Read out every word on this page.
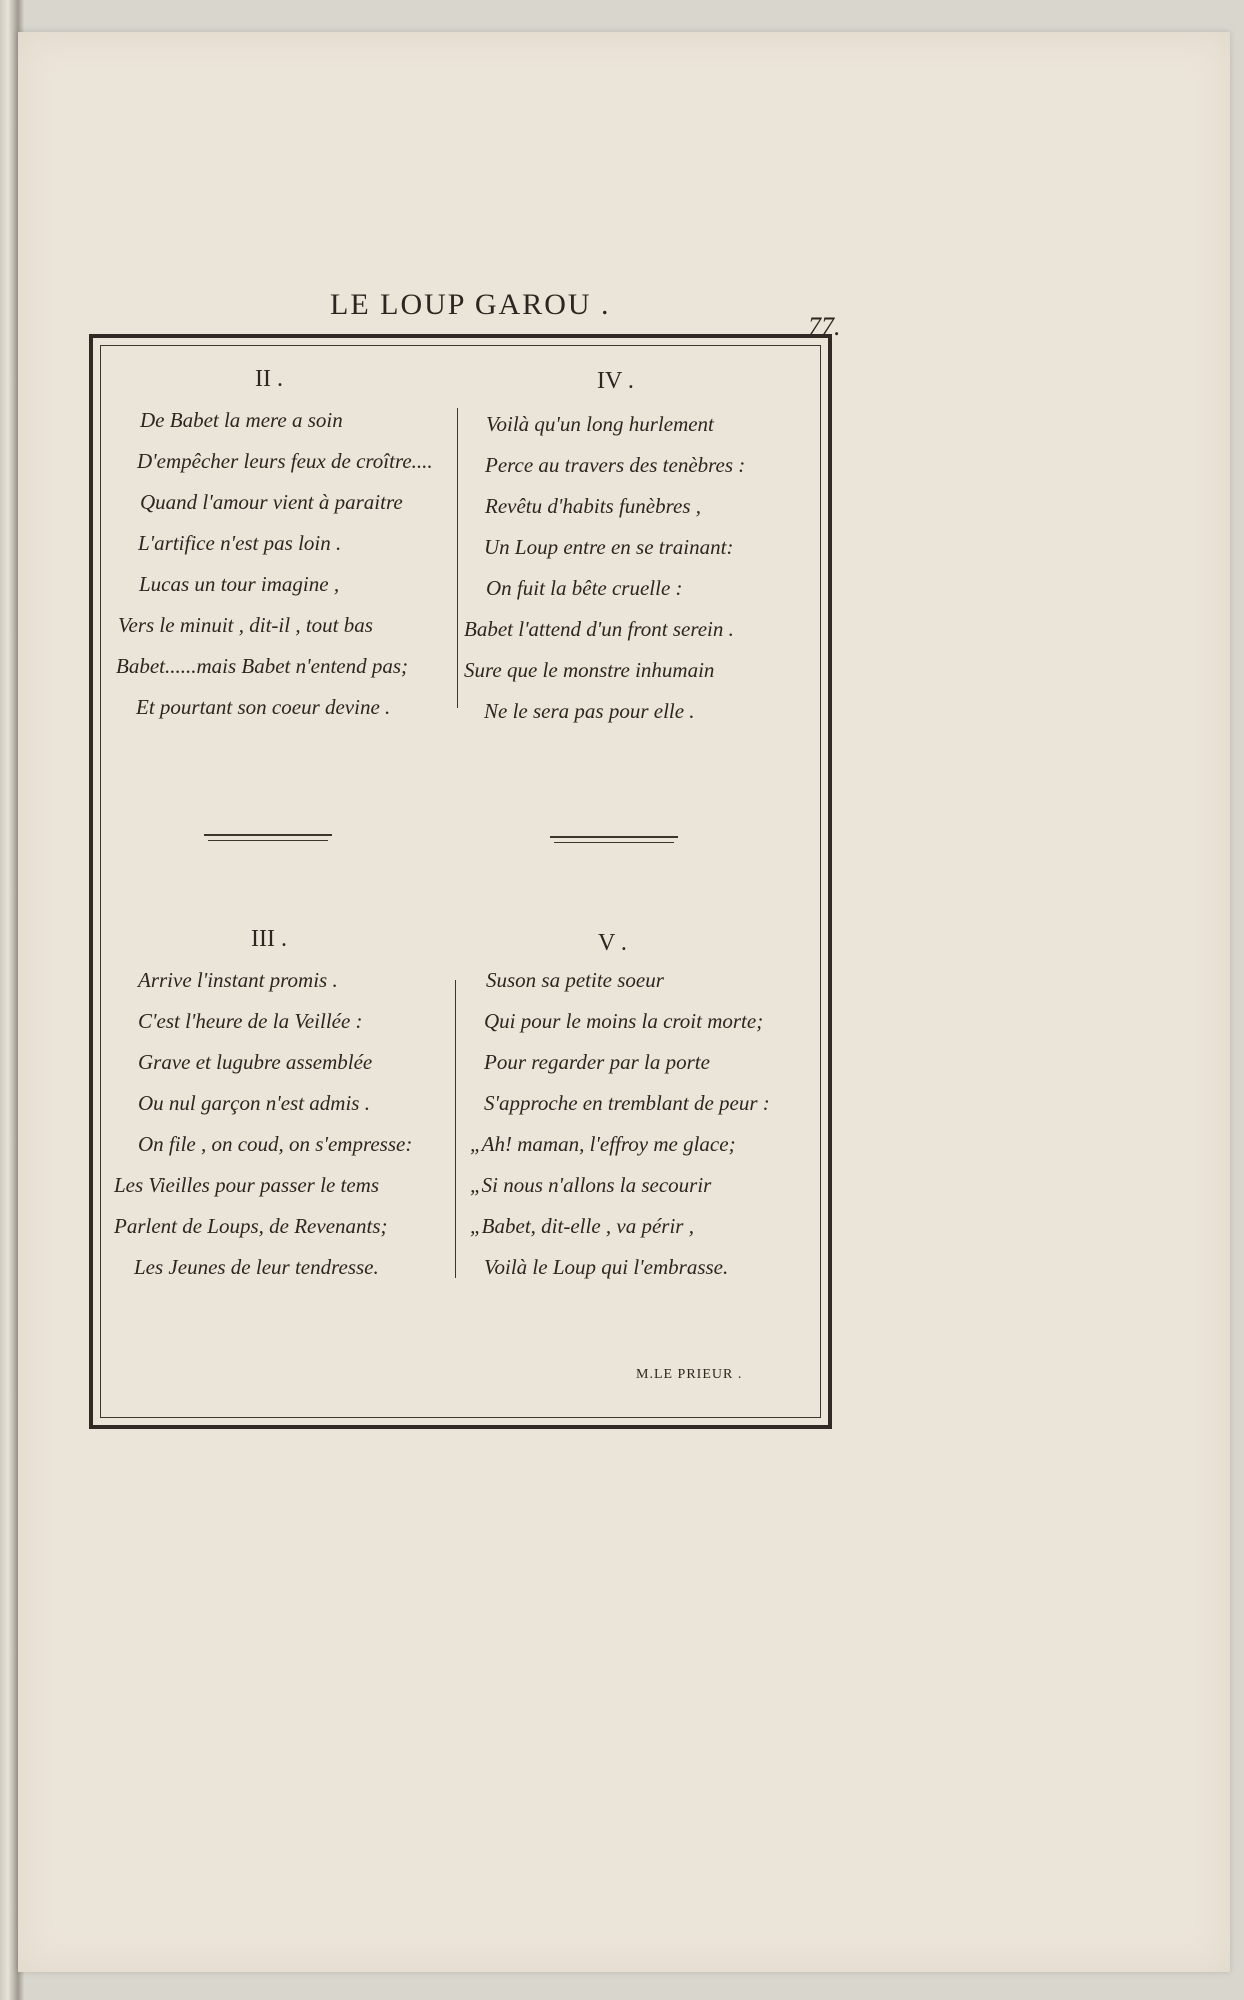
LE LOUP GAROU .
77.
II .
De Babet la mere a soin
D'empêcher leurs feux de croître....
Quand l'amour vient à paraitre
L'artifice n'est pas loin .
Lucas un tour imagine ,
Vers le minuit , dit-il , tout bas
Babet......mais Babet n'entend pas;
Et pourtant son coeur devine .
IV .
Voilà qu'un long hurlement
Perce au travers des tenèbres :
Revêtu d'habits funèbres ,
Un Loup entre en se trainant:
On fuit la bête cruelle :
Babet l'attend d'un front serein .
Sure que le monstre inhumain
Ne le sera pas pour elle .
III .
Arrive l'instant promis .
C'est l'heure de la Veillée :
Grave et lugubre assemblée
Ou nul garçon n'est admis .
On file , on coud, on s'empresse:
Les Vieilles pour passer le tems
Parlent de Loups, de Revenants;
Les Jeunes de leur tendresse.
V .
Suson sa petite soeur
Qui pour le moins la croit morte;
Pour regarder par la porte
S'approche en tremblant de peur :
„Ah! maman, l'effroy me glace;
„Si nous n'allons la secourir
„Babet, dit-elle , va périr ,
Voilà le Loup qui l'embrasse.
M.LE PRIEUR .
